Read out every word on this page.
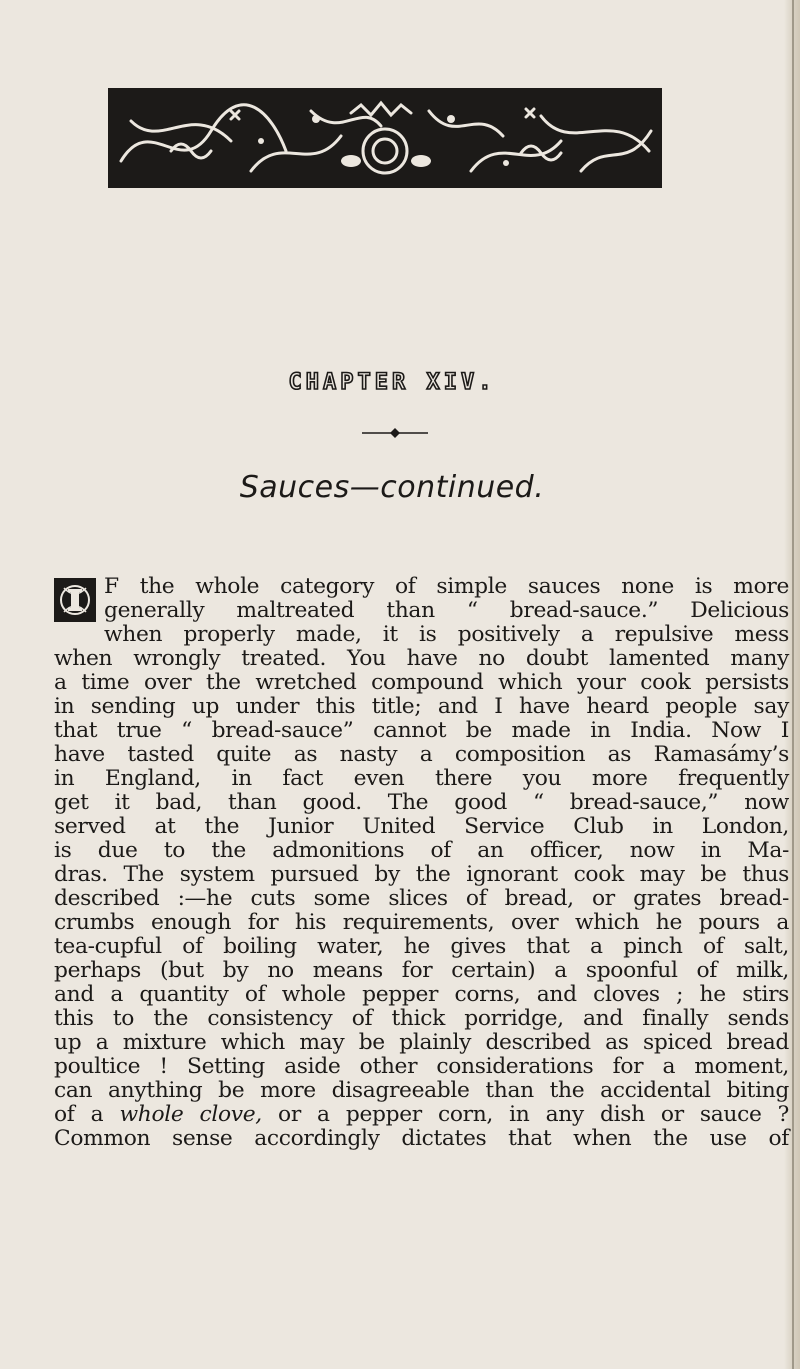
CHAPTER XIV.
Sauces—continued.
F the whole category of simple sauces none is more
generally maltreated than “ bread-sauce.” Delicious
when properly made, it is positively a repulsive mess
when wrongly treated. You have no doubt lamented many
a time over the wretched compound which your cook persists
in sending up under this title; and I have heard people say
that true “ bread-sauce” cannot be made in India. Now I
have tasted quite as nasty a composition as Ramasámy’s
in England, in fact even there you more frequently
get it bad, than good. The good “ bread-sauce,” now
served at the Junior United Service Club in London,
is due to the admonitions of an officer, now in Ma-
dras. The system pursued by the ignorant cook may be thus
described :—he cuts some slices of bread, or grates bread-
crumbs enough for his requirements, over which he pours a
tea-cupful of boiling water, he gives that a pinch of salt,
perhaps (but by no means for certain) a spoonful of milk,
and a quantity of whole pepper corns, and cloves ; he stirs
this to the consistency of thick porridge, and finally sends
up a mixture which may be plainly described as spiced bread
poultice ! Setting aside other considerations for a moment,
can anything be more disagreeable than the accidental biting
of a whole clove, or a pepper corn, in any dish or sauce ?
Common sense accordingly dictates that when the use of
